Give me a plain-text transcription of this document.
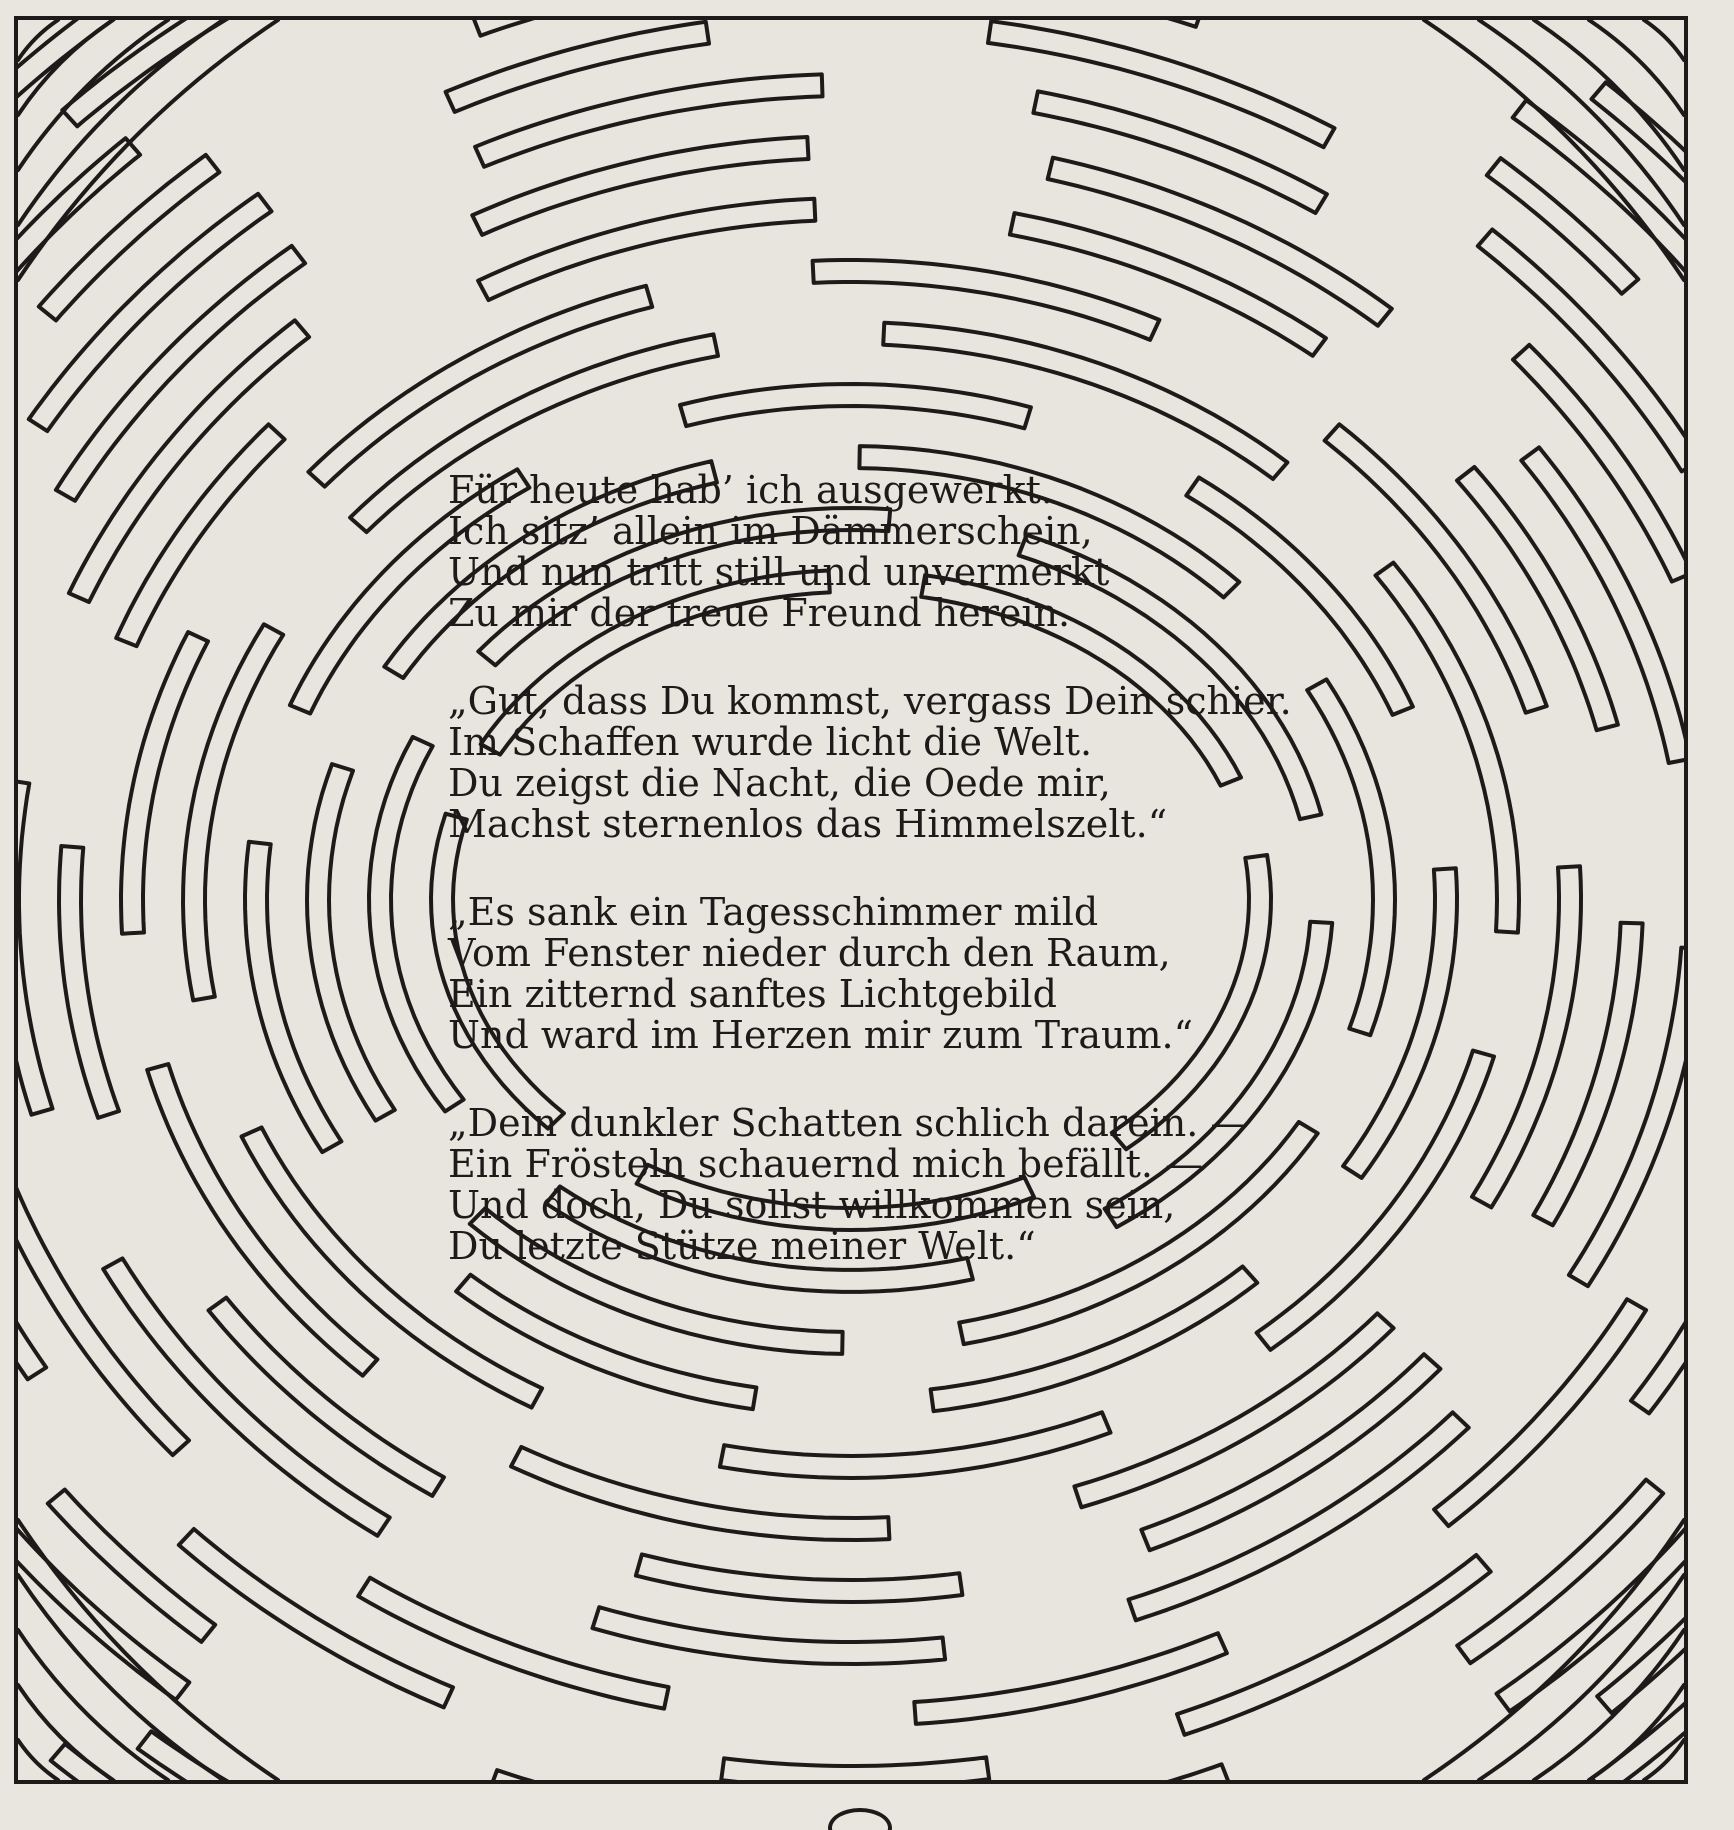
Für heute hab’ ich ausgewerkt.
Ich sitz’ allein im Dämmerschein,
Und nun tritt still und unvermerkt
Zu mir der treue Freund herein.
„Gut, dass Du kommst, vergass Dein schier.
Im Schaffen wurde licht die Welt.
Du zeigst die Nacht, die Oede mir,
Machst sternenlos das Himmelszelt.“
„Es sank ein Tagesschimmer mild
Vom Fenster nieder durch den Raum,
Ein zitternd sanftes Lichtgebild
Und ward im Herzen mir zum Traum.“
„Dein dunkler Schatten schlich darein. —
Ein Frösteln schauernd mich befällt. —
Und doch, Du sollst willkommen sein,
Du letzte Stütze meiner Welt.“
